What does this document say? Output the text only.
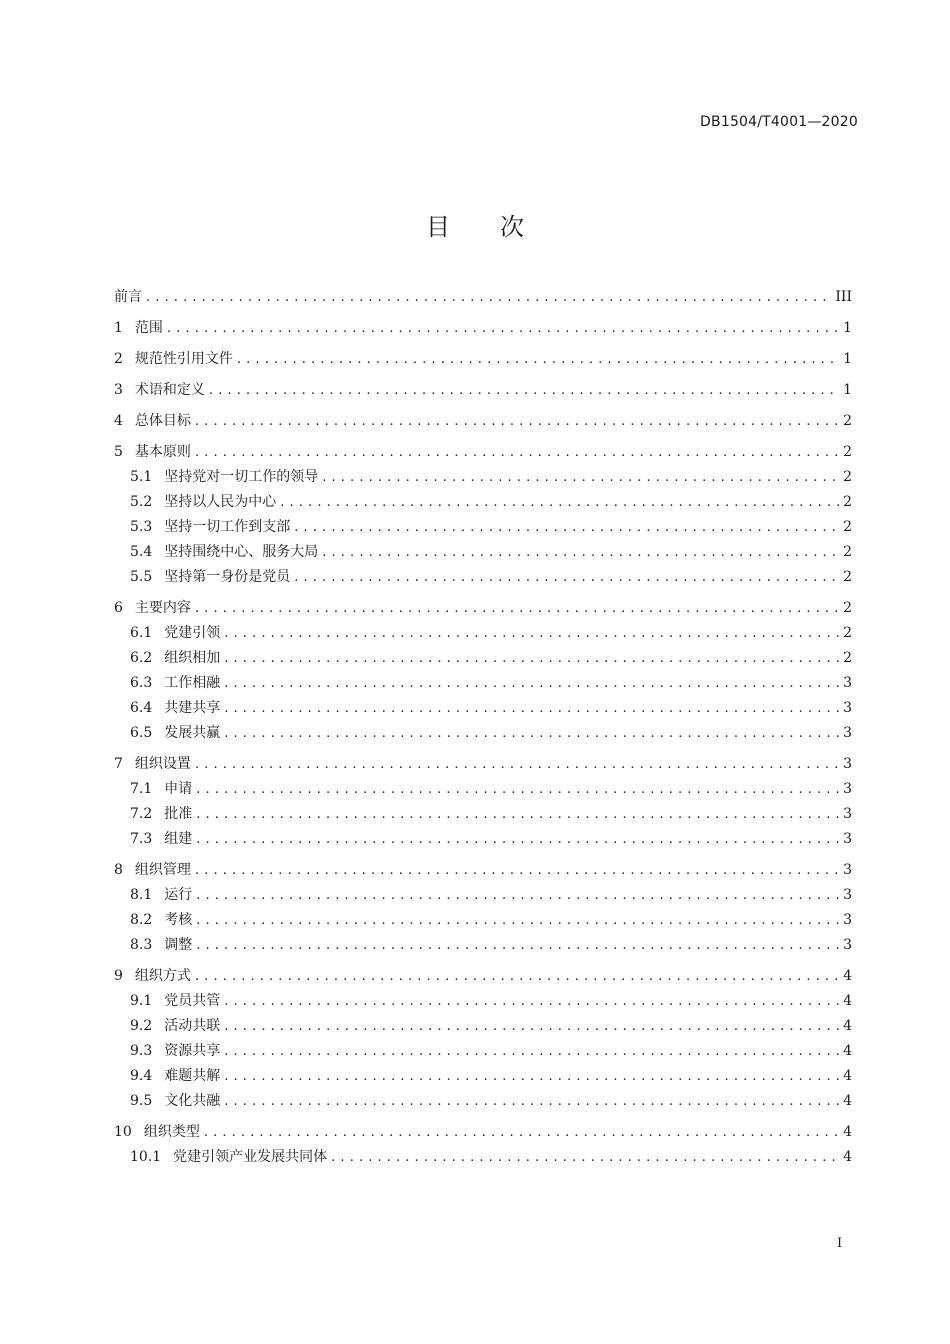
DB1504/T4001—2020
目次
前言 . . .	III
1 范围 . . .	1
2 规范性引用文件 . . .	1
3 术语和定义 . . .	1
4 总体目标 . . .	2
5 基本原则 . . .	2
5.1 坚持党对一切工作的领导 . . .	2
5.2 坚持以人民为中心 . . .	2
5.3 坚持一切工作到支部 . . .	2
5.4 坚持围绕中心、服务大局 . . .	2
5.5 坚持第一身份是党员 . . .	2
6 主要内容 . . .	2
6.1 党建引领 . . .	2
6.2 组织相加 . . .	2
6.3 工作相融 . . .	3
6.4 共建共享 . . .	3
6.5 发展共赢 . . .	3
7 组织设置 . . .	3
7.1 申请 . . .	3
7.2 批准 . . .	3
7.3 组建 . . .	3
8 组织管理 . . .	3
8.1 运行 . . .	3
8.2 考核 . . .	3
8.3 调整 . . .	3
9 组织方式 . . .	4
9.1 党员共管 . . .	4
9.2 活动共联 . . .	4
9.3 资源共享 . . .	4
9.4 难题共解 . . .	4
9.5 文化共融 . . .	4
10 组织类型 . . .	4
10.1 党建引领产业发展共同体 . . .	4
I
